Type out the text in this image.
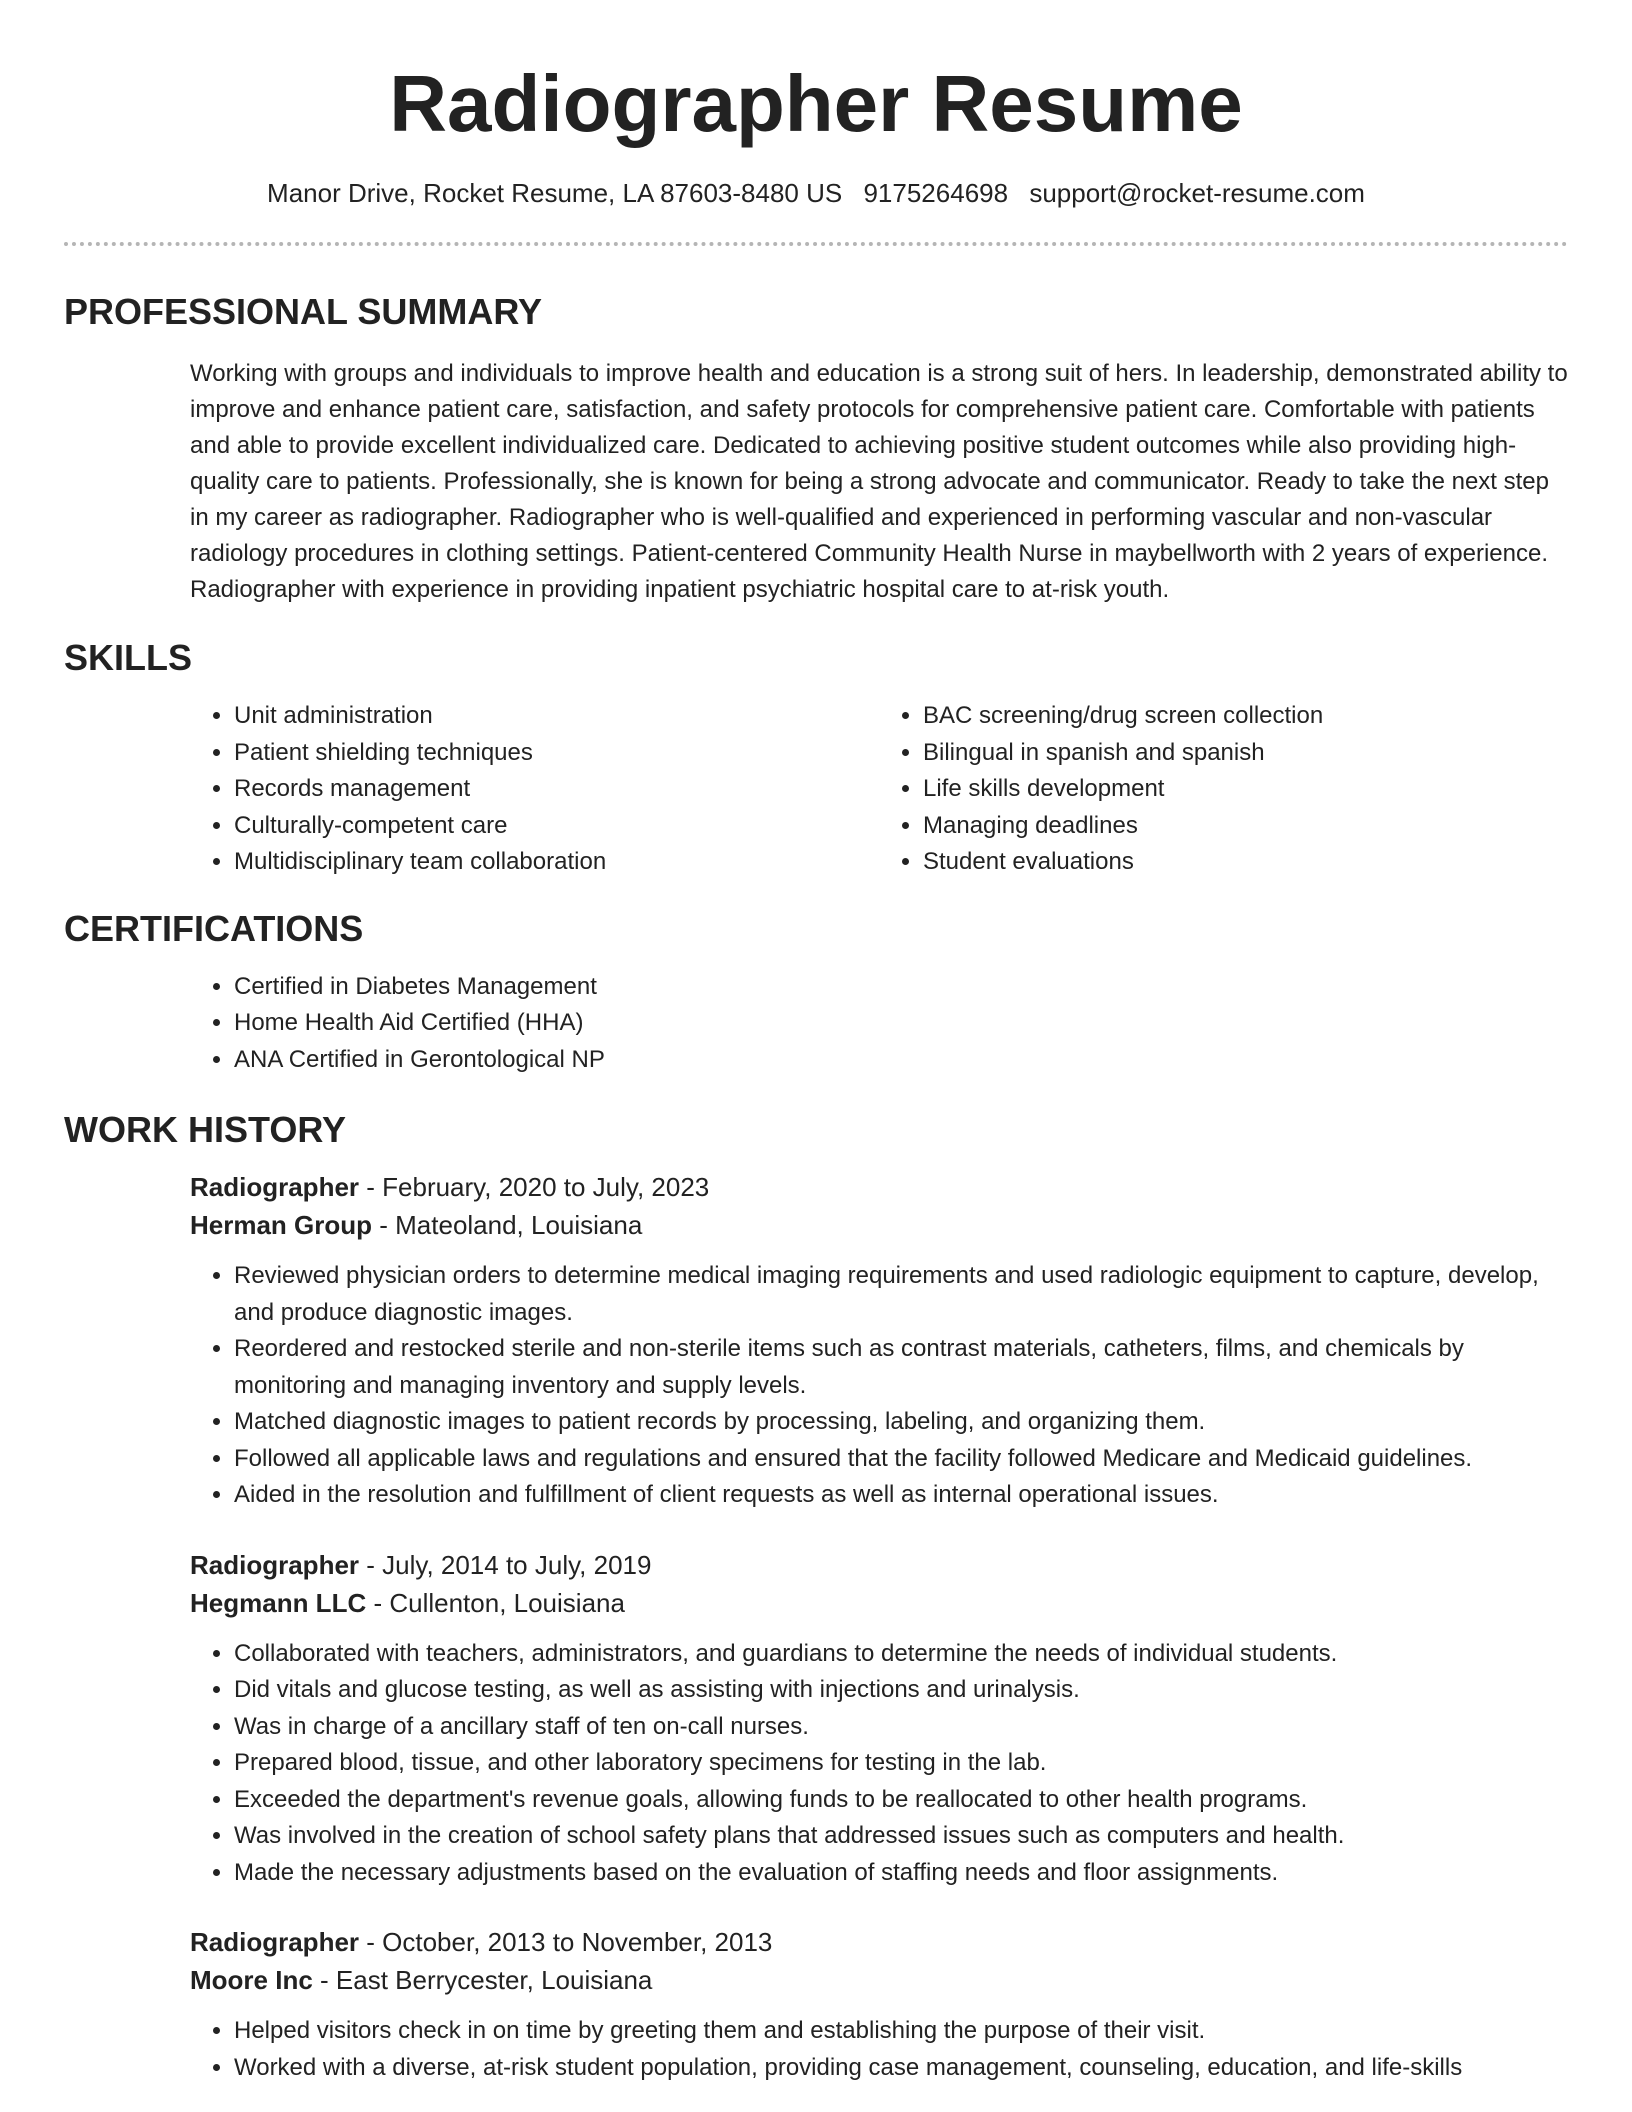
Radiographer Resume
Manor Drive, Rocket Resume, LA 87603-8480 US 9175264698 support@rocket-resume.com
PROFESSIONAL SUMMARY

Working with groups and individuals to improve health and education is a strong suit of hers. In leadership, demonstrated ability to improve and enhance patient care, satisfaction, and safety protocols for comprehensive patient care. Comfortable with patients and able to provide excellent individualized care. Dedicated to achieving positive student outcomes while also providing high-quality care to patients. Professionally, she is known for being a strong advocate and communicator. Ready to take the next step in my career as radiographer. Radiographer who is well-qualified and experienced in performing vascular and non-vascular radiology procedures in clothing settings. Patient-centered Community Health Nurse in maybellworth with 2 years of experience. Radiographer with experience in providing inpatient psychiatric hospital care to at-risk youth.

SKILLS
• Unit administration
• Patient shielding techniques
• Records management
• Culturally-competent care
• Multidisciplinary team collaboration
• BAC screening/drug screen collection
• Bilingual in spanish and spanish
• Life skills development
• Managing deadlines
• Student evaluations
CERTIFICATIONS
• Certified in Diabetes Management
• Home Health Aid Certified (HHA)
• ANA Certified in Gerontological NP
WORK HISTORY
Radiographer - February, 2020 to July, 2023
Herman Group - Mateoland, Louisiana
• Reviewed physician orders to determine medical imaging requirements and used radiologic equipment to capture, develop, and produce diagnostic images.
• Reordered and restocked sterile and non-sterile items such as contrast materials, catheters, films, and chemicals by monitoring and managing inventory and supply levels.
• Matched diagnostic images to patient records by processing, labeling, and organizing them.
• Followed all applicable laws and regulations and ensured that the facility followed Medicare and Medicaid guidelines.
• Aided in the resolution and fulfillment of client requests as well as internal operational issues.
Radiographer - July, 2014 to July, 2019
Hegmann LLC - Cullenton, Louisiana
• Collaborated with teachers, administrators, and guardians to determine the needs of individual students.
• Did vitals and glucose testing, as well as assisting with injections and urinalysis.
• Was in charge of a ancillary staff of ten on-call nurses.
• Prepared blood, tissue, and other laboratory specimens for testing in the lab.
• Exceeded the department's revenue goals, allowing funds to be reallocated to other health programs.
• Was involved in the creation of school safety plans that addressed issues such as computers and health.
• Made the necessary adjustments based on the evaluation of staffing needs and floor assignments.
Radiographer - October, 2013 to November, 2013
Moore Inc - East Berrycester, Louisiana
• Helped visitors check in on time by greeting them and establishing the purpose of their visit.
• Worked with a diverse, at-risk student population, providing case management, counseling, education, and life-skills
